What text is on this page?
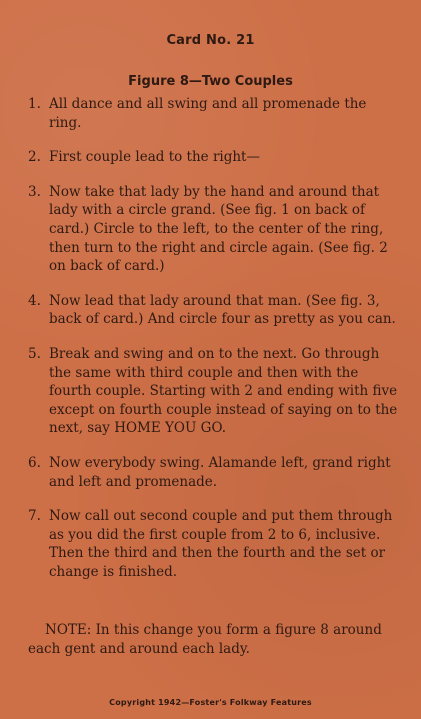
Card No. 21
Figure 8—Two Couples
1. All dance and all swing and all promenade the ring.
2. First couple lead to the right—
3. Now take that lady by the hand and around that lady with a circle grand. (See fig. 1 on back of card.) Circle to the left, to the center of the ring, then turn to the right and circle again. (See fig. 2 on back of card.)
4. Now lead that lady around that man. (See fig. 3, back of card.) And circle four as pretty as you can.
5. Break and swing and on to the next. Go through the same with third couple and then with the fourth couple. Starting with 2 and ending with five except on fourth couple instead of saying on to the next, say HOME YOU GO.
6. Now everybody swing. Alamande left, grand right and left and promenade.
7. Now call out second couple and put them through as you did the first couple from 2 to 6, inclusive. Then the third and then the fourth and the set or change is finished.

NOTE: In this change you form a figure 8 around each gent and around each lady.

Copyright 1942—Foster's Folkway Features
